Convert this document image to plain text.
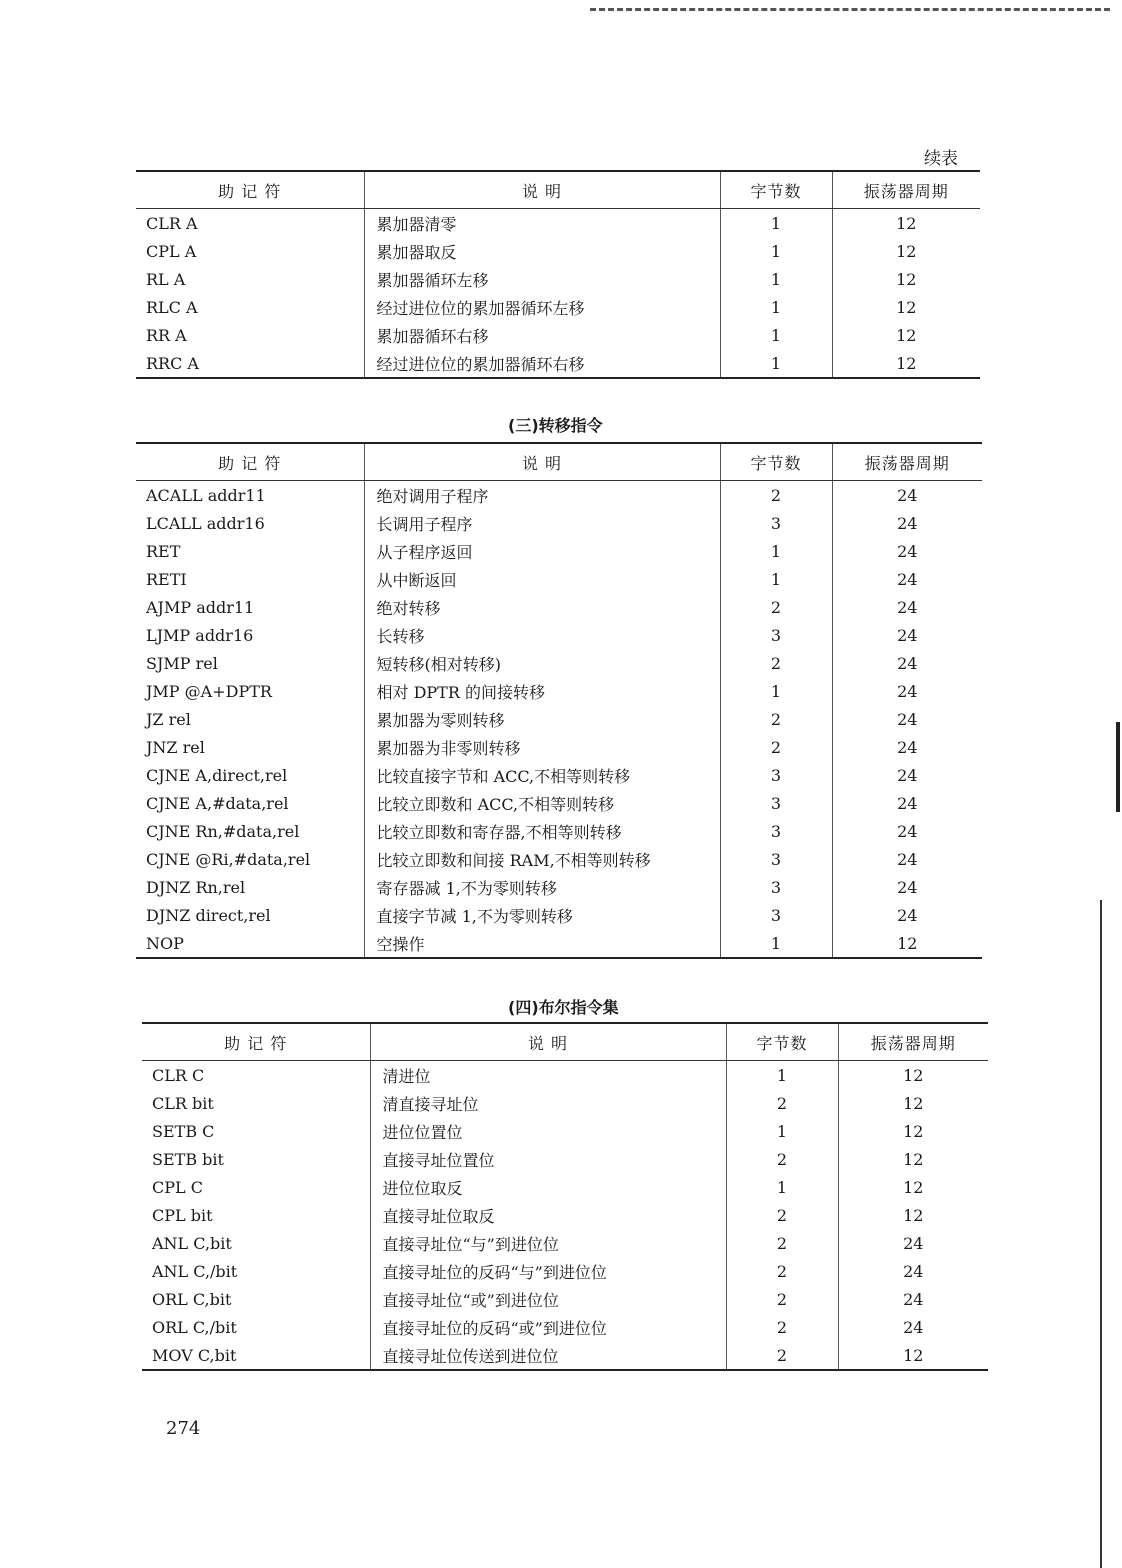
续表
助 记 符	说 明	字节数	振荡器周期
CLR A	累加器清零	1	12
CPL A	累加器取反	1	12
RL A	累加器循环左移	1	12
RLC A	经过进位位的累加器循环左移	1	12
RR A	累加器循环右移	1	12
RRC A	经过进位位的累加器循环右移	1	12
(三)转移指令
助 记 符	说 明	字节数	振荡器周期
ACALL addr11	绝对调用子程序	2	24
LCALL addr16	长调用子程序	3	24
RET	从子程序返回	1	24
RETI	从中断返回	1	24
AJMP addr11	绝对转移	2	24
LJMP addr16	长转移	3	24
SJMP rel	短转移(相对转移)	2	24
JMP @A+DPTR	相对 DPTR 的间接转移	1	24
JZ rel	累加器为零则转移	2	24
JNZ rel	累加器为非零则转移	2	24
CJNE A,direct,rel	比较直接字节和 ACC,不相等则转移	3	24
CJNE A,#data,rel	比较立即数和 ACC,不相等则转移	3	24
CJNE Rn,#data,rel	比较立即数和寄存器,不相等则转移	3	24
CJNE @Ri,#data,rel	比较立即数和间接 RAM,不相等则转移	3	24
DJNZ Rn,rel	寄存器减 1,不为零则转移	3	24
DJNZ direct,rel	直接字节减 1,不为零则转移	3	24
NOP	空操作	1	12
(四)布尔指令集
助 记 符	说 明	字节数	振荡器周期
CLR C	清进位	1	12
CLR bit	清直接寻址位	2	12
SETB C	进位位置位	1	12
SETB bit	直接寻址位置位	2	12
CPL C	进位位取反	1	12
CPL bit	直接寻址位取反	2	12
ANL C,bit	直接寻址位“与”到进位位	2	24
ANL C,/bit	直接寻址位的反码“与”到进位位	2	24
ORL C,bit	直接寻址位“或”到进位位	2	24
ORL C,/bit	直接寻址位的反码“或”到进位位	2	24
MOV C,bit	直接寻址位传送到进位位	2	12
274
